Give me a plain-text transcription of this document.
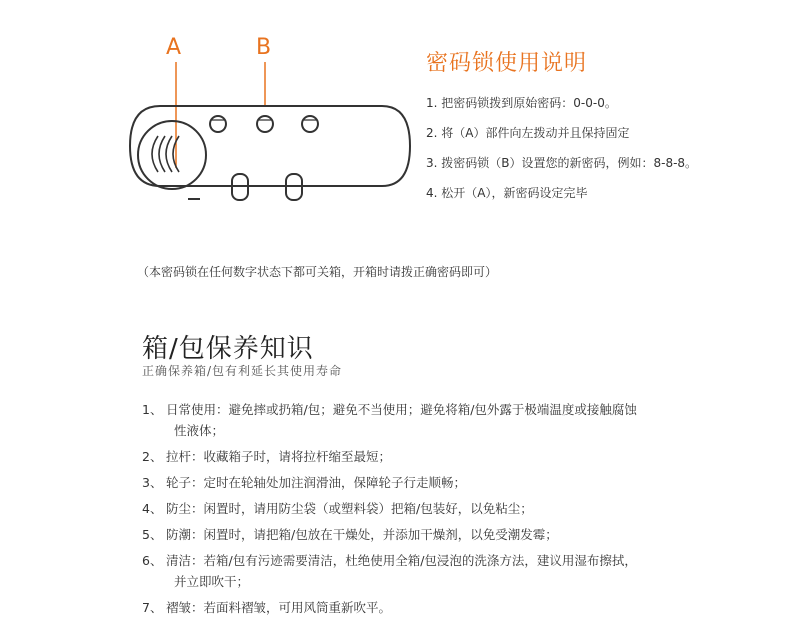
A	B
密码锁使用说明
1. 把密码锁拨到原始密码：0-0-0。
2. 将（A）部件向左拨动并且保持固定
3. 拨密码锁（B）设置您的新密码，例如：8-8-8。
4. 松开（A），新密码设定完毕
（本密码锁在任何数字状态下都可关箱，开箱时请拨正确密码即可）
箱/包保养知识
正确保养箱/包有利延长其使用寿命
1、 日常使用：避免摔或扔箱/包；避免不当使用；避免将箱/包外露于极端温度或接触腐蚀
性液体；
2、 拉杆：收藏箱子时，请将拉杆缩至最短；
3、 轮子：定时在轮轴处加注润滑油，保障轮子行走顺畅；
4、 防尘：闲置时，请用防尘袋（或塑料袋）把箱/包装好，以免粘尘；
5、 防潮：闲置时，请把箱/包放在干燥处，并添加干燥剂，以免受潮发霉；
6、 清洁：若箱/包有污迹需要清洁，杜绝使用全箱/包浸泡的洗涤方法，建议用湿布擦拭，
并立即吹干；
7、 褶皱：若面料褶皱，可用风筒重新吹平。
